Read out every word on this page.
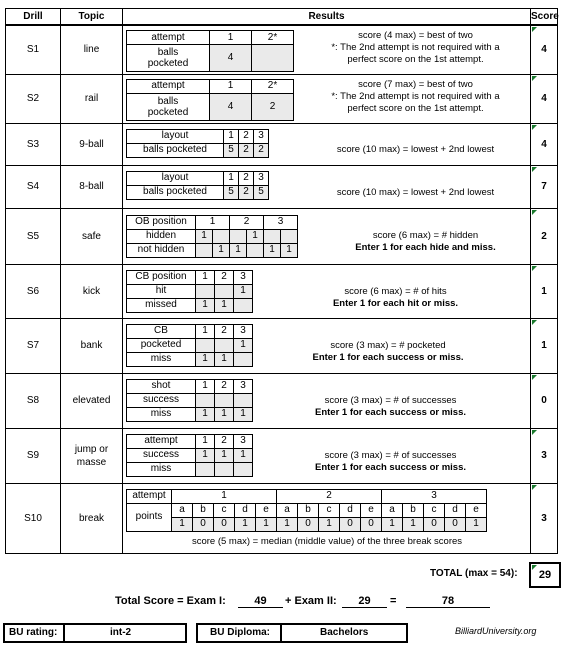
Drill	Topic	Results	Score
S1	line	
attempt	1	2*
balls pocketed	4	
score (4 max) = best of two
*: The 2nd attempt is not required with a
perfect score on the 1st attempt.
	4
S2	rail	
attempt	1	2*
balls pocketed	4	2
score (7 max) = best of two
*: The 2nd attempt is not required with a
perfect score on the 1st attempt.
	4
S3	9-ball	
layout	1	2	3
balls pocketed	5	2	2	score (10 max) = lowest + 2nd lowest	4
S4	8-ball	
layout	1	2	3
balls pocketed	5	2	5	score (10 max) = lowest + 2nd lowest	7
S5	safe	
OB position	1	2	3
hidden	1			1		
not hidden		1	1		1	1
score (6 max) = # hidden
Enter 1 for each hide and miss.
	2
S6	kick	
CB position	1	2	3
hit			1
missed	1	1	
score (6 max) = # of hits
Enter 1 for each hit or miss.
	1
S7	bank	
CB	1	2	3
pocketed			1
miss	1	1	
score (3 max) = # pocketed
Enter 1 for each success or miss.
	1
S8	elevated	
shot	1	2	3
success			
miss	1	1	1
score (3 max) = # of successes
Enter 1 for each success or miss.
	0
S9	jump or masse	
attempt	1	2	3
success	1	1	1
miss			
score (3 max) = # of successes
Enter 1 for each success or miss.
	3
S10	break	
attempt	1	2	3
points	a	b	c	d	e	a	b	c	d	e	a	b	c	d	e
1	0	0	1	1	1	0	1	0	0	1	1	0	0	1
score (5 max) = median (middle value) of the three break scores
	3
TOTAL (max = 54):	29
Total Score = Exam I:	49	+ Exam II:	29	=	78
BU rating:	int-2	BU Diploma:	Bachelors	BilliardUniversity.org
